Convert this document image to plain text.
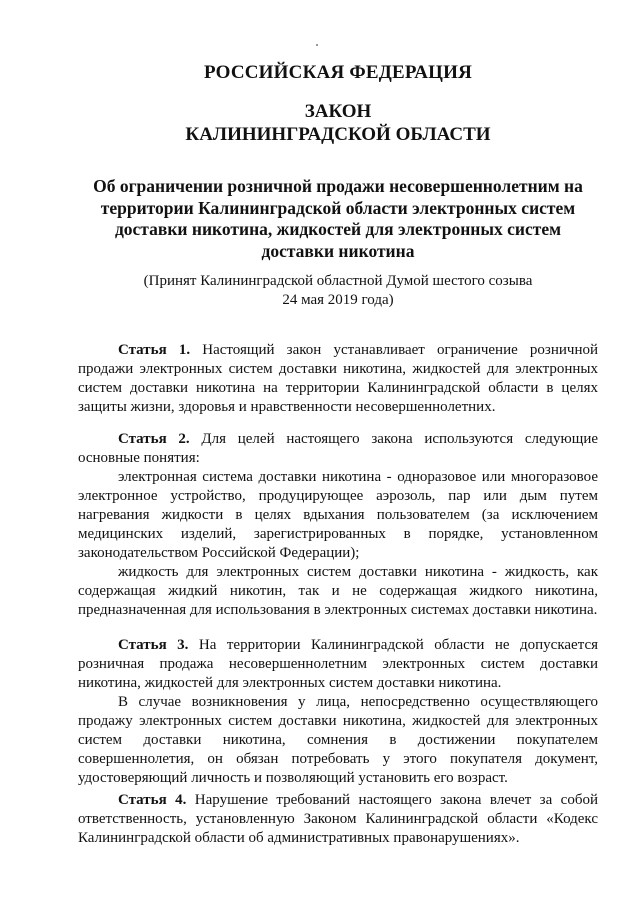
РОССИЙСКАЯ ФЕДЕРАЦИЯ
ЗАКОН
КАЛИНИНГРАДСКОЙ ОБЛАСТИ
Об ограничении розничной продажи несовершеннолетним на территории Калининградской области электронных систем доставки никотина, жидкостей для электронных систем доставки никотина
(Принят Калининградской областной Думой шестого созыва
24 мая 2019 года)

Статья 1. Настоящий закон устанавливает ограничение розничной продажи электронных систем доставки никотина, жидкостей для электронных систем доставки никотина на территории Калининградской области в целях защиты жизни, здоровья и нравственности несовершеннолетних.

Статья 2. Для целей настоящего закона используются следующие основные понятия:

электронная система доставки никотина - одноразовое или многоразовое электронное устройство, продуцирующее аэрозоль, пар или дым путем нагревания жидкости в целях вдыхания пользователем (за исключением медицинских изделий, зарегистрированных в порядке, установленном законодательством Российской Федерации);

жидкость для электронных систем доставки никотина - жидкость, как содержащая жидкий никотин, так и не содержащая жидкого никотина, предназначенная для использования в электронных системах доставки никотина.

Статья 3. На территории Калининградской области не допускается розничная продажа несовершеннолетним электронных систем доставки никотина, жидкостей для электронных систем доставки никотина.

В случае возникновения у лица, непосредственно осуществляющего продажу электронных систем доставки никотина, жидкостей для электронных систем доставки никотина, сомнения в достижении покупателем совершеннолетия, он обязан потребовать у этого покупателя документ, удостоверяющий личность и позволяющий установить его возраст.

Статья 4. Нарушение требований настоящего закона влечет за собой ответственность, установленную Законом Калининградской области «Кодекс Калининградской области об административных правонарушениях».
